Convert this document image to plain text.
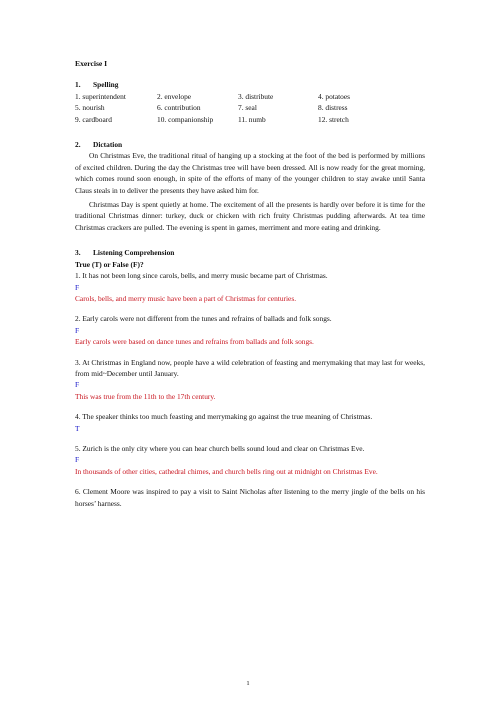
Exercise I
1. Spelling
1. superintendent	2. envelope	3. distribute	4. potatoes
5. nourish	6. contribution	7. seal	8. distress
9. cardboard	10. companionship	11. numb	12. stretch
2. Dictation
On Christmas Eve, the traditional ritual of hanging up a stocking at the foot of the bed is performed by millions of excited children. During the day the Christmas tree will have been dressed. All is now ready for the great morning, which comes round soon enough, in spite of the efforts of many of the younger children to stay awake until Santa Claus steals in to deliver the presents they have asked him for.
Christmas Day is spent quietly at home. The excitement of all the presents is hardly over before it is time for the traditional Christmas dinner: turkey, duck or chicken with rich fruity Christmas pudding afterwards. At tea time Christmas crackers are pulled. The evening is spent in games, merriment and more eating and drinking.
3. Listening Comprehension
True (T) or False (F)?
1. It has not been long since carols, bells, and merry music became part of Christmas.
F
Carols, bells, and merry music have been a part of Christmas for centuries.
2. Early carols were not different from the tunes and refrains of ballads and folk songs.
F
Early carols were based on dance tunes and refrains from ballads and folk songs.
3. At Christmas in England now, people have a wild celebration of feasting and merrymaking that may last for weeks, from mid~December until January.
F
This was true from the 11th to the 17th century.
4. The speaker thinks too much feasting and merrymaking go against the true meaning of Christmas.
T
5. Zurich is the only city where you can hear church bells sound loud and clear on Christmas Eve.
F
In thousands of other cities, cathedral chimes, and church bells ring out at midnight on Christmas Eve.
6. Clement Moore was inspired to pay a visit to Saint Nicholas after listening to the merry jingle of the bells on his horses’ harness.
1
